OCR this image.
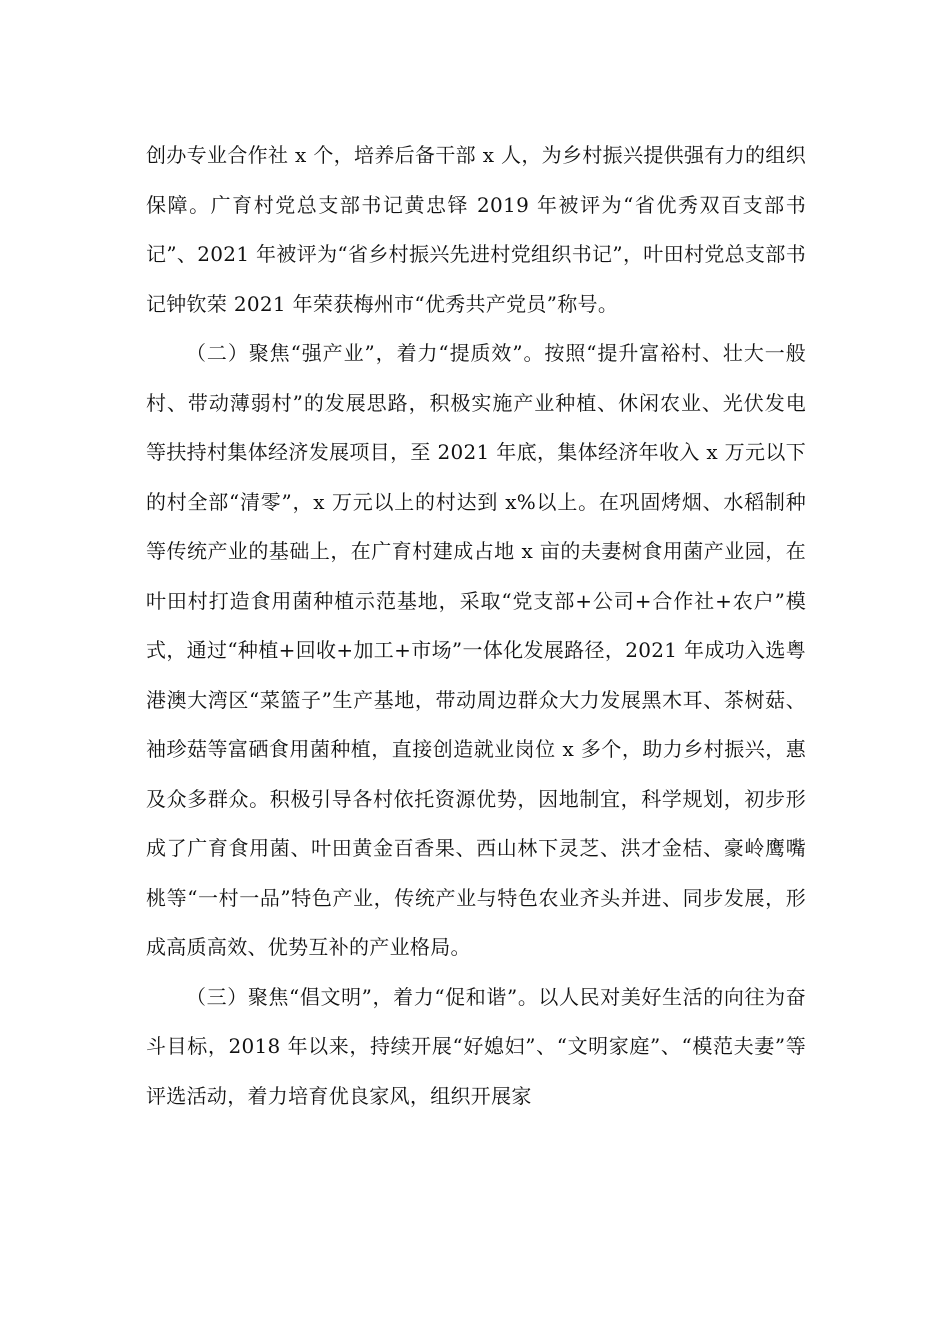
创办专业合作社 x 个，培养后备干部 x 人，为乡村振兴提供强有力的组织保障。广育村党总支部书记黄忠铎 2019 年被评为“省优秀双百支部书记”、2021 年被评为“省乡村振兴先进村党组织书记”，叶田村党总支部书记钟钦荣 2021 年荣获梅州市“优秀共产党员”称号。

（二）聚焦“强产业”，着力“提质效”。按照“提升富裕村、壮大一般村、带动薄弱村”的发展思路，积极实施产业种植、休闲农业、光伏发电等扶持村集体经济发展项目，至 2021 年底，集体经济年收入 x 万元以下的村全部“清零”，x 万元以上的村达到 x%以上。在巩固烤烟、水稻制种等传统产业的基础上，在广育村建成占地 x 亩的夫妻树食用菌产业园，在叶田村打造食用菌种植示范基地，采取“党支部+公司+合作社+农户”模式，通过“种植+回收+加工+市场”一体化发展路径，2021 年成功入选粤港澳大湾区“菜篮子”生产基地，带动周边群众大力发展黑木耳、茶树菇、袖珍菇等富硒食用菌种植，直接创造就业岗位 x 多个，助力乡村振兴，惠及众多群众。积极引导各村依托资源优势，因地制宜，科学规划，初步形成了广育食用菌、叶田黄金百香果、西山林下灵芝、洪才金桔、豪岭鹰嘴桃等“一村一品”特色产业，传统产业与特色农业齐头并进、同步发展，形成高质高效、优势互补的产业格局。

（三）聚焦“倡文明”，着力“促和谐”。以人民对美好生活的向往为奋斗目标，2018 年以来，持续开展“好媳妇”、“文明家庭”、“模范夫妻”等评选活动，着力培育优良家风，组织开展家
